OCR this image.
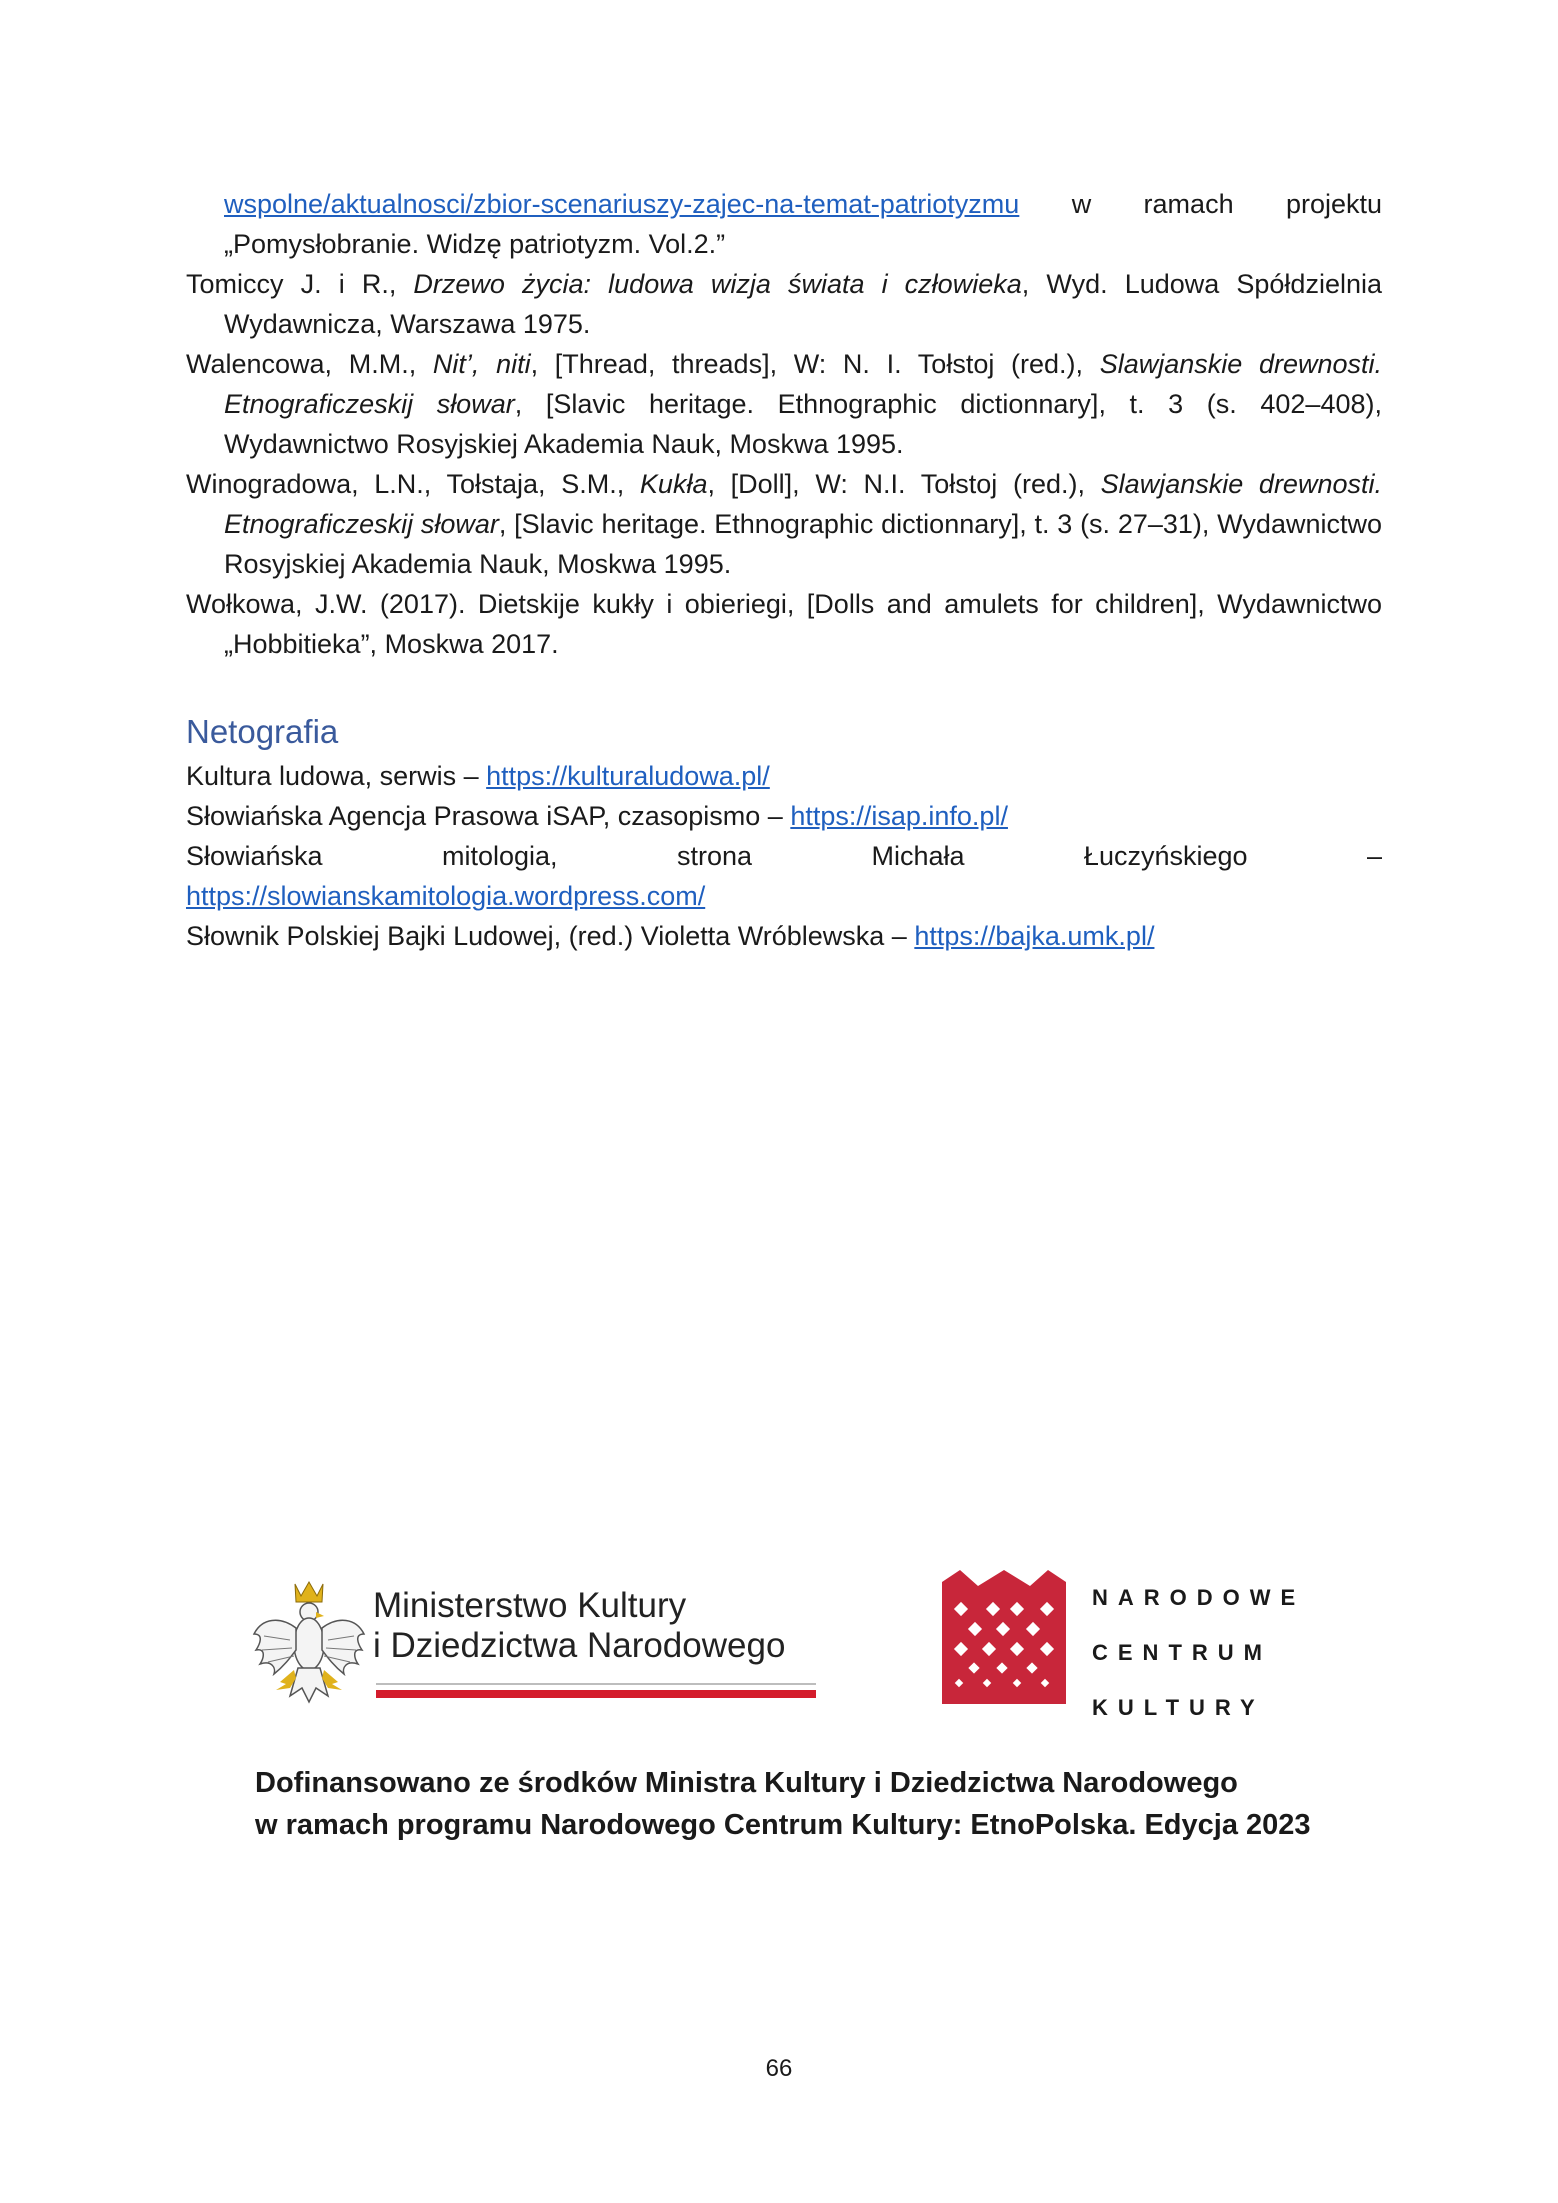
wspolne/aktualnosci/zbior-scenariuszy-zajec-na-temat-patriotyzmu w ramach projektu
„Pomysłobranie. Widzę patriotyzm. Vol.2.”
Tomiccy J. i R., Drzewo życia: ludowa wizja świata i człowieka, Wyd. Ludowa Spółdzielnia Wydawnicza, Warszawa 1975.
Walencowa, M.M., Nit’, niti, [Thread, threads], W: N. I. Tołstoj (red.), Slawjanskie drewnosti. Etnograficzeskij słowar, [Slavic heritage. Ethnographic dictionnary], t. 3 (s. 402–408), Wydawnictwo Rosyjskiej Akademia Nauk, Moskwa 1995.
Winogradowa, L.N., Tołstaja, S.M., Kukła, [Doll], W: N.I. Tołstoj (red.), Slawjanskie drewnosti. Etnograficzeskij słowar, [Slavic heritage. Ethnographic dictionnary], t. 3 (s. 27–31), Wydawnictwo Rosyjskiej Akademia Nauk, Moskwa 1995.
Wołkowa, J.W. (2017). Dietskije kukły i obieriegi, [Dolls and amulets for children], Wydawnictwo „Hobbitieka”, Moskwa 2017.
Netografia
Kultura ludowa, serwis – https://kulturaludowa.pl/
Słowiańska Agencja Prasowa iSAP, czasopismo – https://isap.info.pl/
Słowiańska	mitologia,	strona	Michała	Łuczyńskiego	–
https://slowianskamitologia.wordpress.com/
Słownik Polskiej Bajki Ludowej, (red.) Violetta Wróblewska – https://bajka.umk.pl/
Ministerstwo Kultury
i Dziedzictwa Narodowego
NARODOWE
CENTRUM
KULTURY
Dofinansowano ze środków Ministra Kultury i Dziedzictwa Narodowego
w ramach programu Narodowego Centrum Kultury: EtnoPolska. Edycja 2023
66
